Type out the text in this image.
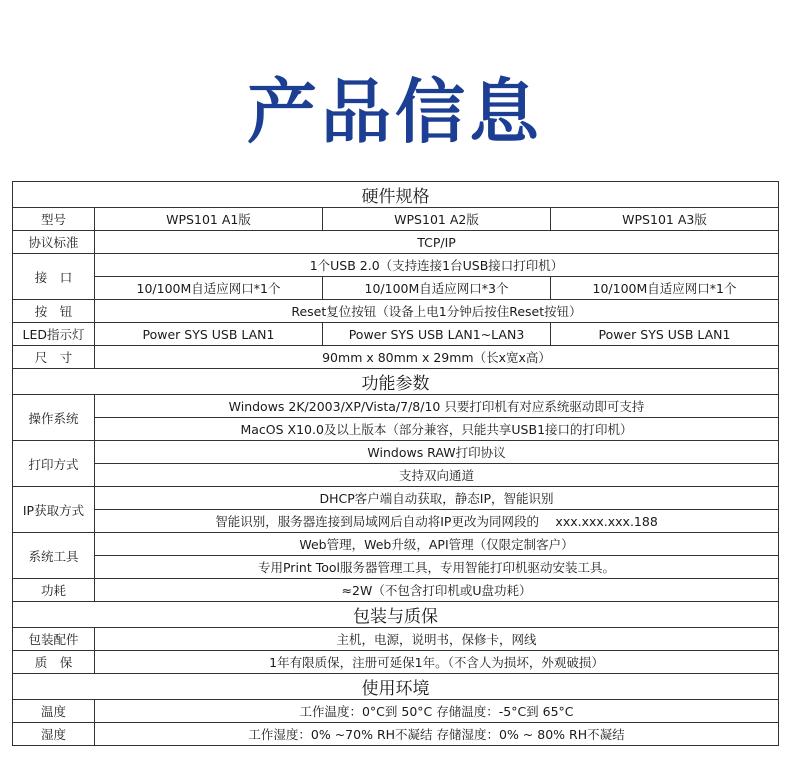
产品信息
硬件规格			
型号	WPS101 A1版	WPS101 A2版	WPS101 A3版
协议标准	TCP/IP		
接　口	1个USB 2.0（支持连接1台USB接口打印机）		
	10/100M自适应网口*1个	10/100M自适应网口*3个	10/100M自适应网口*1个
按　钮	Reset复位按钮（设备上电1分钟后按住Reset按钮）		
LED指示灯	Power SYS USB LAN1	Power SYS USB LAN1~LAN3	Power SYS USB LAN1
尺　寸	90mm x 80mm x 29mm（长x宽x高）		
功能参数			
操作系统	Windows 2K/2003/XP/Vista/7/8/10 只要打印机有对应系统驱动即可支持		
	MacOS X10.0及以上版本（部分兼容，只能共享USB1接口的打印机）		
打印方式	Windows RAW打印协议		
	支持双向通道		
IP获取方式	DHCP客户端自动获取，静态IP，智能识别		
	智能识别，服务器连接到局域网后自动将IP更改为同网段的　 xxx.xxx.xxx.188		
系统工具	Web管理，Web升级，API管理（仅限定制客户）		
	专用Print Tool服务器管理工具，专用智能打印机驱动安装工具。		
功耗	≈2W（不包含打印机或U盘功耗）		
包装与质保			
包装配件	主机，电源，说明书，保修卡，网线		
质　保	1年有限质保，注册可延保1年。（不含人为损坏，外观破损）		
使用环境			
温度	工作温度：0°C到 50°C 存储温度：-5°C到 65°C		
湿度	工作湿度：0% ~70% RH不凝结 存储湿度：0% ~ 80% RH不凝结		
